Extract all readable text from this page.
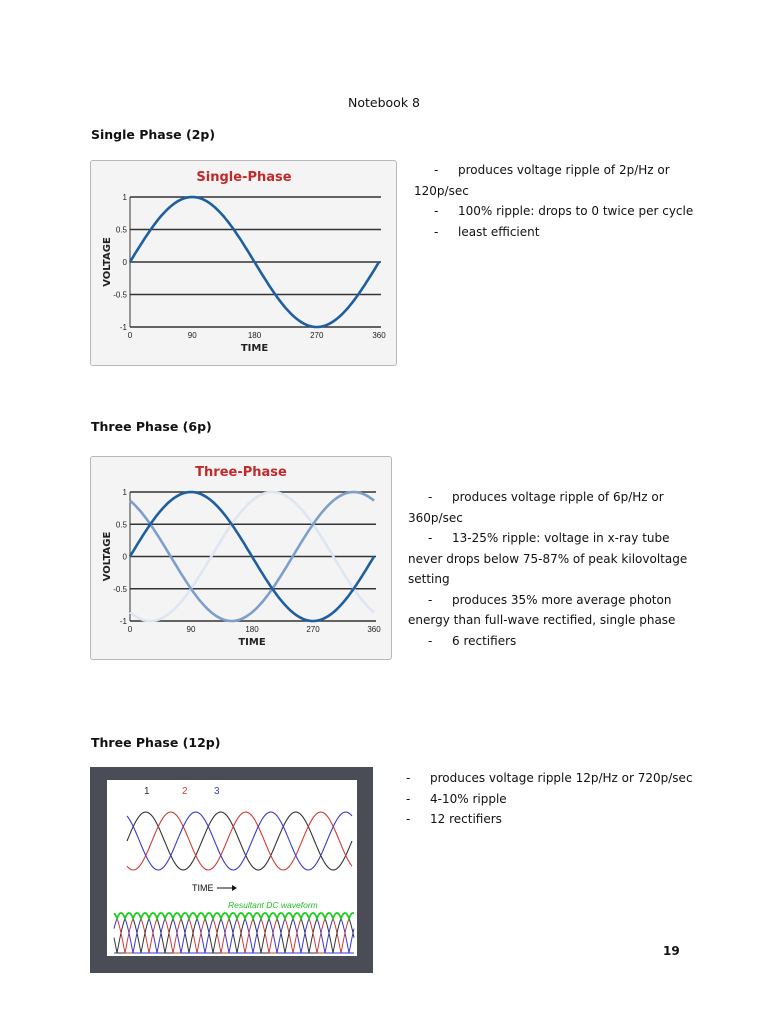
Notebook 8
Single Phase (2p)
Single-Phase
1
0.5
0
-0.5
-1
0	90	180	270	360
TIME
VOLTAGE
- produces voltage ripple of 2p/Hz or
120p/sec
- 100% ripple: drops to 0 twice per cycle
- least efficient
Three Phase (6p)
Three-Phase
1
0.5
0
-0.5
-1
0	90	180	270	360
TIME
VOLTAGE
- produces voltage ripple of 6p/Hz or
360p/sec
- 13-25% ripple: voltage in x-ray tube
never drops below 75-87% of peak kilovoltage
setting
- produces 35% more average photon
energy than full-wave rectified, single phase
- 6 rectifiers
Three Phase (12p)
1	2	3
TIME
Resultant DC waveform
- produces voltage ripple 12p/Hz or 720p/sec
- 4-10% ripple
- 12 rectifiers
19
